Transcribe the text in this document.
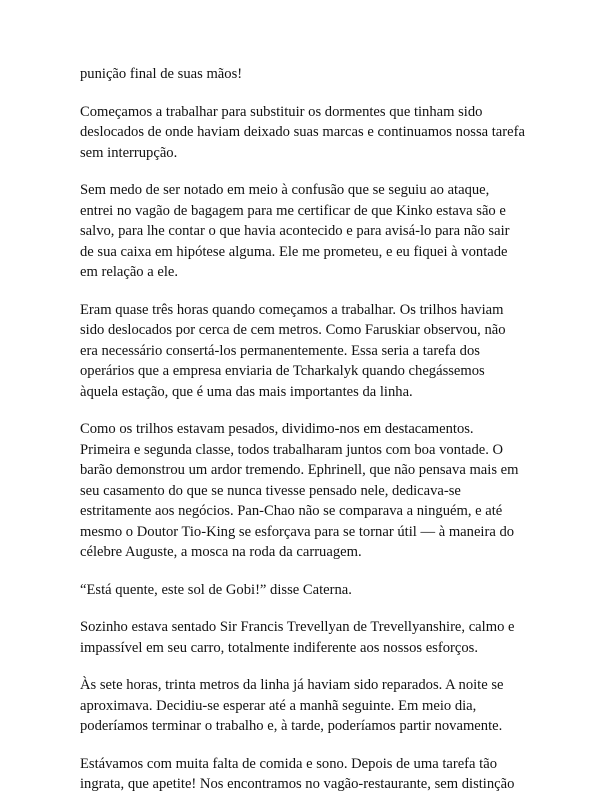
punição final de suas mãos!

Começamos a trabalhar para substituir os dormentes que tinham sido
deslocados de onde haviam deixado suas marcas e continuamos nossa tarefa
sem interrupção.

Sem medo de ser notado em meio à confusão que se seguiu ao ataque,
entrei no vagão de bagagem para me certificar de que Kinko estava são e
salvo, para lhe contar o que havia acontecido e para avisá-lo para não sair
de sua caixa em hipótese alguma. Ele me prometeu, e eu fiquei à vontade
em relação a ele.

Eram quase três horas quando começamos a trabalhar. Os trilhos haviam
sido deslocados por cerca de cem metros. Como Faruskiar observou, não
era necessário consertá-los permanentemente. Essa seria a tarefa dos
operários que a empresa enviaria de Tcharkalyk quando chegássemos
àquela estação, que é uma das mais importantes da linha.

Como os trilhos estavam pesados, dividimo-nos em destacamentos.
Primeira e segunda classe, todos trabalharam juntos com boa vontade. O
barão demonstrou um ardor tremendo. Ephrinell, que não pensava mais em
seu casamento do que se nunca tivesse pensado nele, dedicava-se
estritamente aos negócios. Pan-Chao não se comparava a ninguém, e até
mesmo o Doutor Tio-King se esforçava para se tornar útil — à maneira do
célebre Auguste, a mosca na roda da carruagem.

“Está quente, este sol de Gobi!” disse Caterna.

Sozinho estava sentado Sir Francis Trevellyan de Trevellyanshire, calmo e
impassível em seu carro, totalmente indiferente aos nossos esforços.

Às sete horas, trinta metros da linha já haviam sido reparados. A noite se
aproximava. Decidiu-se esperar até a manhã seguinte. Em meio dia,
poderíamos terminar o trabalho e, à tarde, poderíamos partir novamente.

Estávamos com muita falta de comida e sono. Depois de uma tarefa tão
ingrata, que apetite! Nos encontramos no vagão-restaurante, sem distinção
